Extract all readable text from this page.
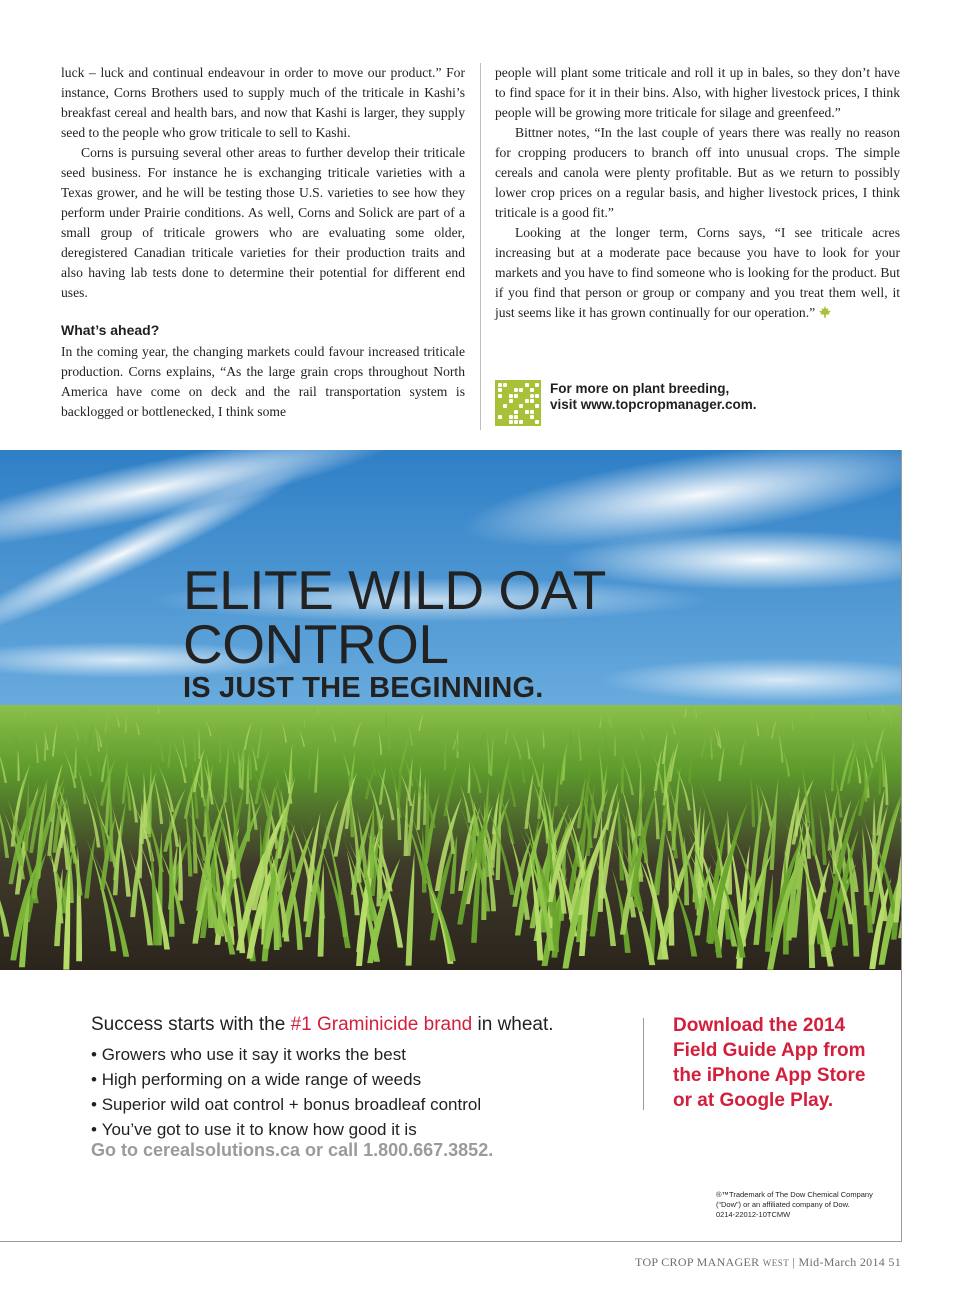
luck – luck and continual endeavour in order to move our product.” For instance, Corns Brothers used to supply much of the triticale in Kashi’s breakfast cereal and health bars, and now that Kashi is larger, they supply seed to the people who grow triticale to sell to Kashi.

Corns is pursuing several other areas to further develop their triticale seed business. For instance he is exchanging triticale varieties with a Texas grower, and he will be testing those U.S. varieties to see how they perform under Prairie conditions. As well, Corns and Solick are part of a small group of triticale growers who are evaluating some older, deregistered Canadian triticale varieties for their production traits and also having lab tests done to determine their potential for different end uses.

What’s ahead?

In the coming year, the changing markets could favour increased triticale production. Corns explains, “As the large grain crops throughout North America have come on deck and the rail transportation system is backlogged or bottlenecked, I think some

people will plant some triticale and roll it up in bales, so they don’t have to find space for it in their bins. Also, with higher livestock prices, I think people will be growing more triticale for silage and greenfeed.”

Bittner notes, “In the last couple of years there was really no reason for cropping producers to branch off into unusual crops. The simple cereals and canola were plenty profitable. But as we return to possibly lower crop prices on a regular basis, and higher livestock prices, I think triticale is a good fit.”

Looking at the longer term, Corns says, “I see triticale acres increasing but at a moderate pace because you have to look for your markets and you have to find someone who is looking for the product. But if you find that person or group or company and you treat them well, it just seems like it has grown continually for our operation.”

For more on plant breeding,
visit www.topcropmanager.com.
ELITE WILD OAT
CONTROL
IS JUST THE BEGINNING.
Success starts with the #1 Graminicide brand in wheat.
• Growers who use it say it works the best
• High performing on a wide range of weeds
• Superior wild oat control + bonus broadleaf control
• You’ve got to use it to know how good it is
Go to cerealsolutions.ca or call 1.800.667.3852.
Download the 2014
Field Guide App from
the iPhone App Store
or at Google Play.
®™Trademark of The Dow Chemical Company
(“Dow”) or an affiliated company of Dow.
0214-22012-10TCMW
TOP CROP MANAGER WEST | Mid-March 2014 51
